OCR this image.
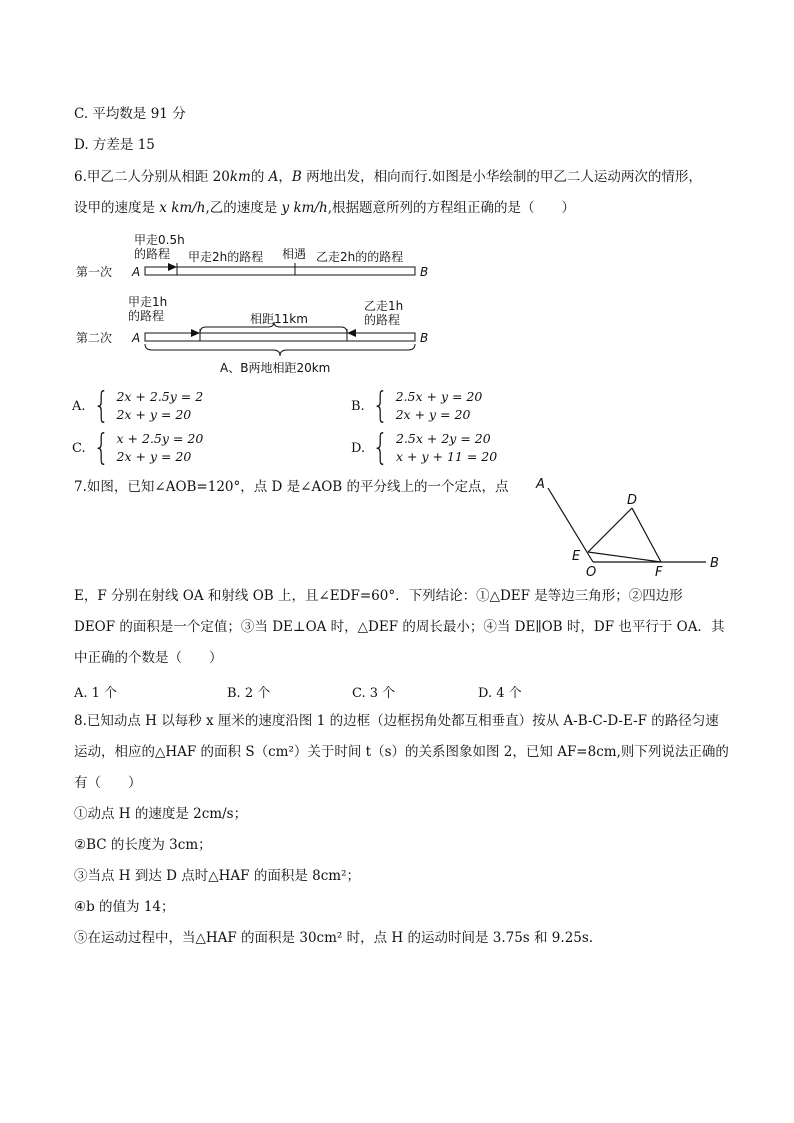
C. 平均数是 91 分
D. 方差是 15
6.甲乙二人分别从相距 20km的 A，B 两地出发，相向而行.如图是小华绘制的甲乙二人运动两次的情形，
设甲的速度是 x km/h,乙的速度是 y km/h,根据题意所列的方程组正确的是（　　）
甲走0.5h
的路程 甲走2h的路程 相遇 乙走2h的的路程
第一次 A	B
甲走1h
的路程	相距11km
乙走1h
的路程
第二次 A	B
A、B两地相距20km
A. { 2x + 2.5y = 2
2x + y = 20
B. { 2.5x + y = 20
2x + y = 20
C. { x + 2.5y = 20
2x + y = 20
D. { 2.5x + 2y = 20
x + y + 11 = 20
7.如图，已知∠AOB=120°，点 D 是∠AOB 的平分线上的一个定点，点 A
D
E
O	F
B
E，F 分别在射线 OA 和射线 OB 上，且∠EDF=60°．下列结论：①△DEF 是等边三角形；②四边形
DEOF 的面积是一个定值；③当 DE⊥OA 时，△DEF 的周长最小；④当 DE∥OB 时，DF 也平行于 OA．其
中正确的个数是（　　）
A. 1 个	B. 2 个	C. 3 个	D. 4 个
8.已知动点 H 以每秒 x 厘米的速度沿图 1 的边框（边框拐角处都互相垂直）按从 A-B-C-D-E-F 的路径匀速
运动，相应的△HAF 的面积 S（cm²）关于时间 t（s）的关系图象如图 2，已知 AF=8cm,则下列说法正确的
有（　　）
①动点 H 的速度是 2cm/s；
②BC 的长度为 3cm；
③当点 H 到达 D 点时△HAF 的面积是 8cm²；
④b 的值为 14；
⑤在运动过程中，当△HAF 的面积是 30cm² 时，点 H 的运动时间是 3.75s 和 9.25s.
